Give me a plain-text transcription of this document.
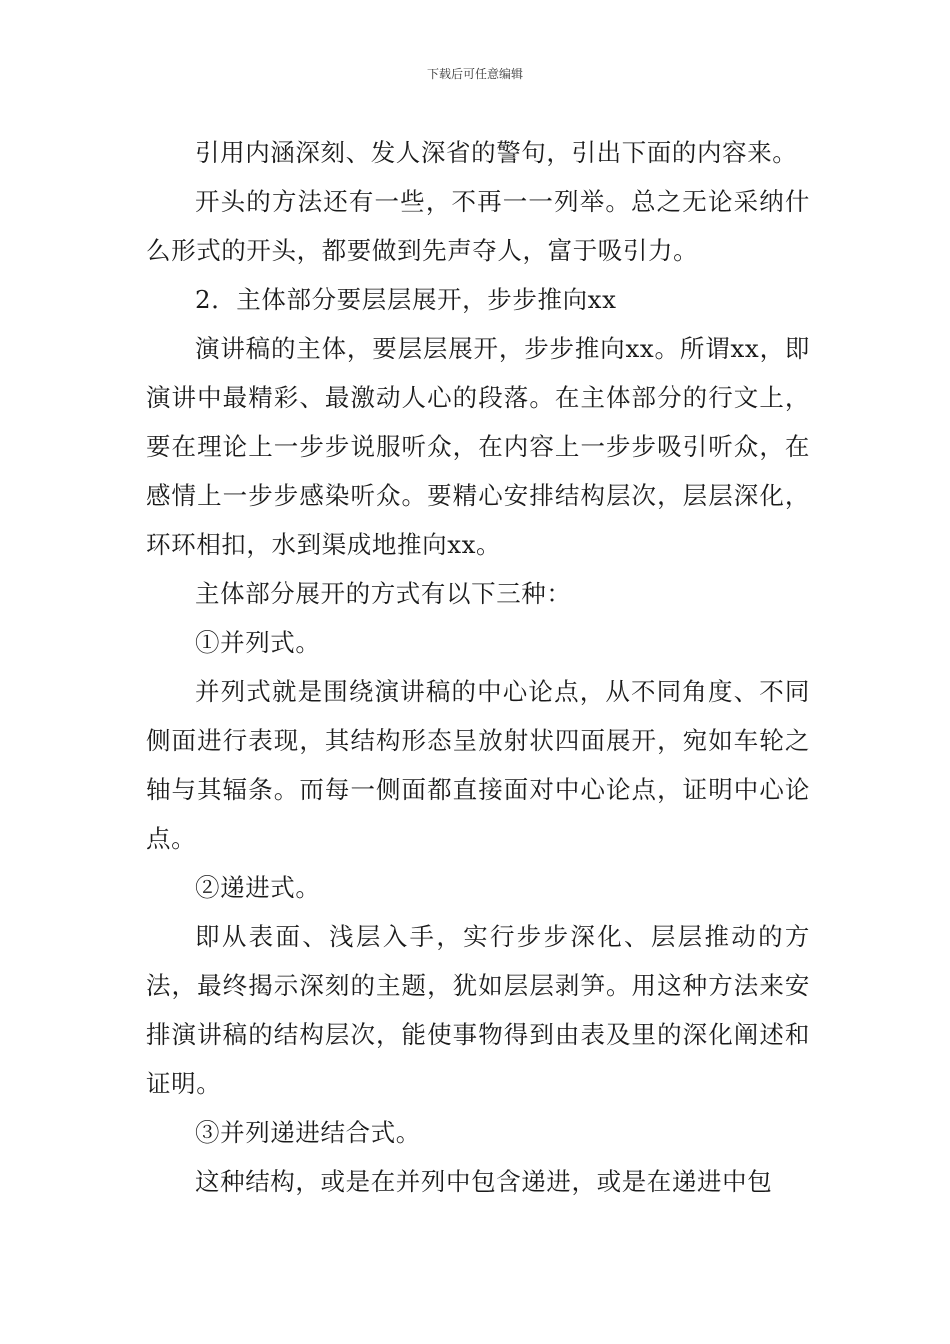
下载后可任意编辑

引用内涵深刻、发人深省的警句，引出下面的内容来。

开头的方法还有一些，不再一一列举。总之无论采纳什么形式的开头，都要做到先声夺人，富于吸引力。

2．主体部分要层层展开，步步推向xx

演讲稿的主体，要层层展开，步步推向xx。所谓xx，即演讲中最精彩、最激动人心的段落。在主体部分的行文上，要在理论上一步步说服听众，在内容上一步步吸引听众，在感情上一步步感染听众。要精心安排结构层次，层层深化，环环相扣，水到渠成地推向xx。

主体部分展开的方式有以下三种：

①并列式。

并列式就是围绕演讲稿的中心论点，从不同角度、不同侧面进行表现，其结构形态呈放射状四面展开，宛如车轮之轴与其辐条。而每一侧面都直接面对中心论点，证明中心论点。

②递进式。

即从表面、浅层入手，实行步步深化、层层推动的方法，最终揭示深刻的主题，犹如层层剥笋。用这种方法来安排演讲稿的结构层次，能使事物得到由表及里的深化阐述和证明。

③并列递进结合式。

这种结构，或是在并列中包含递进，或是在递进中包
